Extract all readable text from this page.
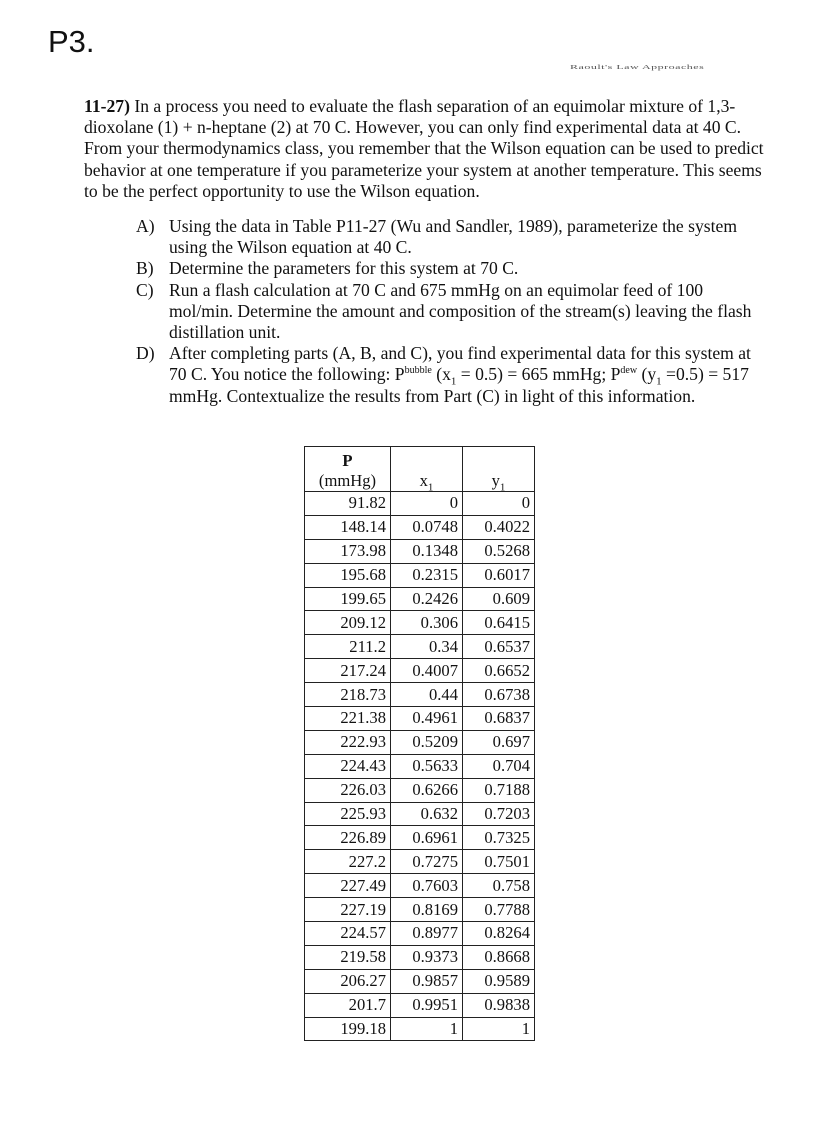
P3.
Raoult's Law Approaches
11-27) In a process you need to evaluate the flash separation of an equimolar mixture of 1,3-dioxolane (1) + n-heptane (2) at 70 C. However, you can only find experimental data at 40 C. From your thermodynamics class, you remember that the Wilson equation can be used to predict behavior at one temperature if you parameterize your system at another temperature. This seems to be the perfect opportunity to use the Wilson equation.
A) Using the data in Table P11-27 (Wu and Sandler, 1989), parameterize the system using the Wilson equation at 40 C.
B) Determine the parameters for this system at 70 C.
C) Run a flash calculation at 70 C and 675 mmHg on an equimolar feed of 100 mol/min. Determine the amount and composition of the stream(s) leaving the flash distillation unit.
D) After completing parts (A, B, and C), you find experimental data for this system at 70 C. You notice the following: $P^{bubble}$ $(x_1 = 0.5) = 665$ mmHg; $P^{dew}$ $(y_1 =0.5) = 517$ mmHg. Contextualize the results from Part (C) in light of this information.
P
(mmHg)	$x_1$	$y_1$
91.82	0	0
148.14	0.0748	0.4022
173.98	0.1348	0.5268
195.68	0.2315	0.6017
199.65	0.2426	0.609
209.12	0.306	0.6415
211.2	0.34	0.6537
217.24	0.4007	0.6652
218.73	0.44	0.6738
221.38	0.4961	0.6837
222.93	0.5209	0.697
224.43	0.5633	0.704
226.03	0.6266	0.7188
225.93	0.632	0.7203
226.89	0.6961	0.7325
227.2	0.7275	0.7501
227.49	0.7603	0.758
227.19	0.8169	0.7788
224.57	0.8977	0.8264
219.58	0.9373	0.8668
206.27	0.9857	0.9589
201.7	0.9951	0.9838
199.18	1	1
